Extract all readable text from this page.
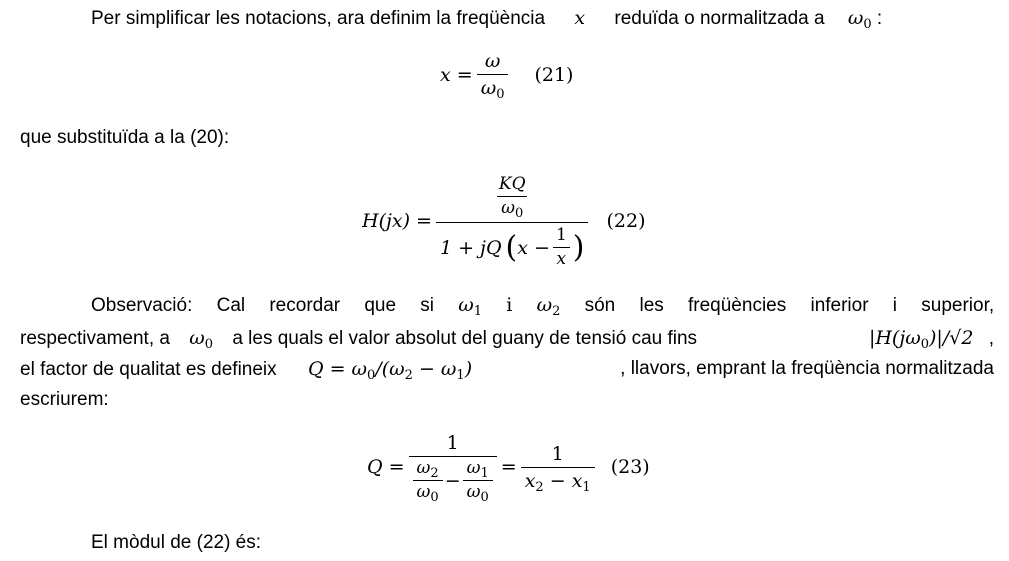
Per simplificar les notacions, ara definim la freqüència x reduïda o normalitzada a $\omega_0$ :
$x = \frac{\omega}{\omega_0} (21)$
que substituïda a la (20):
H(jx) =
$\frac{KQ}{\omega_0}$
1 + jQ ( $x - \frac{1}{x}$ )
(22)
Observació: Cal recordar que si $\omega_1$ i $\omega_2$ són les freqüències inferior i superior,
respectivament, a $\omega_0$ a les quals el valor absolut del guany de tensió cau fins	$|H(j\omega_0)|/√2$ ,
el factor de qualitat es defineix $Q = \omega_0/(\omega_2 - \omega_1)$	, llavors, emprant la freqüència normalitzada
escriurem:
$Q = \frac{1}{\frac{\omega_2}{\omega_0} - \frac{\omega_1}{\omega_0}} = \frac{1}{x_2 - x_1} (23)$
El mòdul de (22) és:
